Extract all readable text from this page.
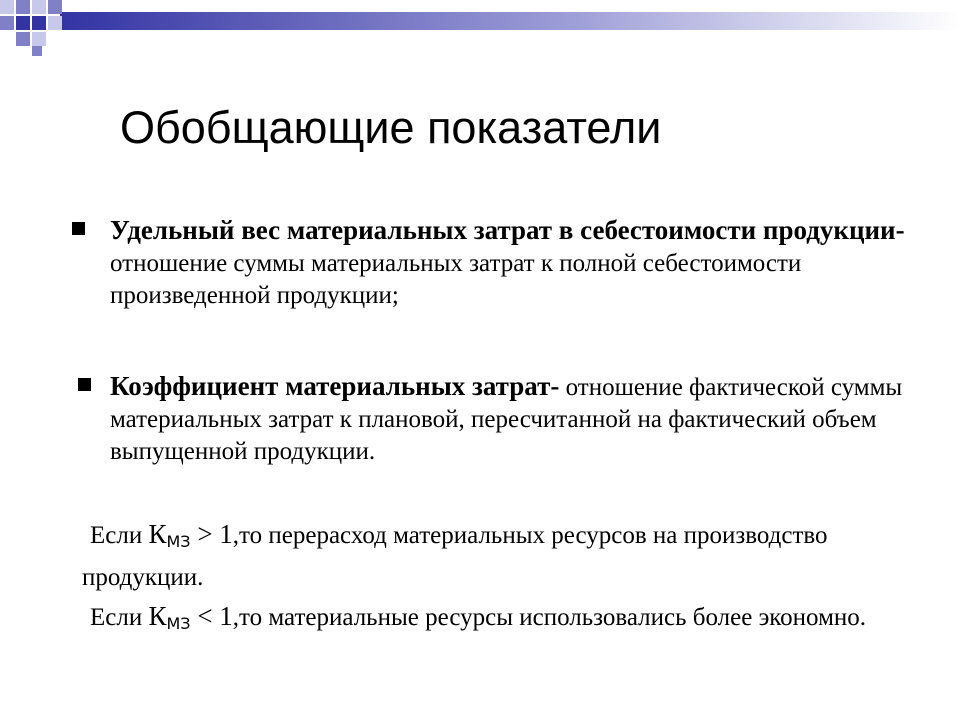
Обобщающие показатели
Удельный вес материальных затрат в себестоимости продукции- отношение суммы материальных затрат к полной себестоимости произведенной продукции;
Коэффициент материальных затрат- отношение фактической суммы материальных затрат к плановой, пересчитанной на фактический объем выпущенной продукции.
Если $К_{МЗ} > 1,то$ перерасход материальных ресурсов на производство продукции.
Если $К_{МЗ} < 1,то$ материальные ресурсы использовались более экономно.
